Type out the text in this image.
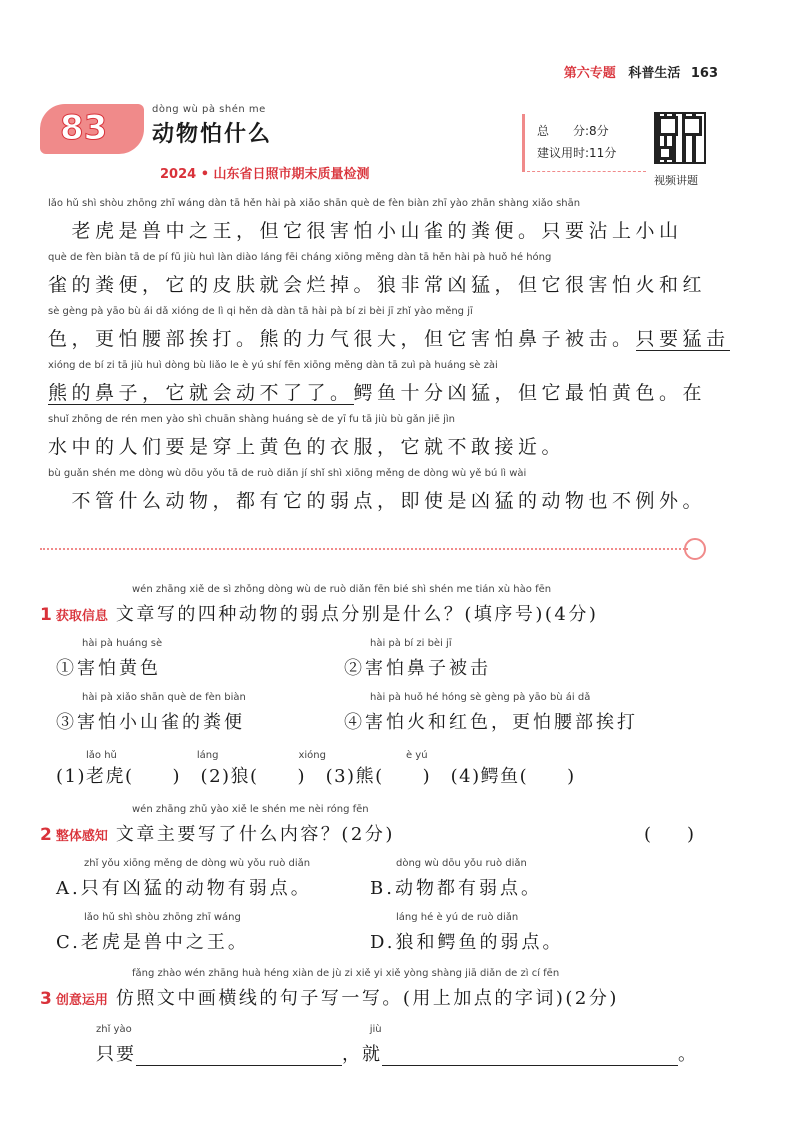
第六专题 科普生活 163
83	dòng wù pà shén me
动物怕什么
2024 • 山东省日照市期末质量检测
总　　分:8分
建议用时:11分
视频讲题
lǎo hǔ shì shòu zhōng zhī wáng dàn tā hěn hài pà xiǎo shān què de fèn biàn zhī yào zhān shàng xiǎo shān
　老虎是兽中之王，但它很害怕小山雀的粪便。只要沾上小山
què de fèn biàn tā de pí fū jiù huì làn diào láng fēi cháng xiōng měng dàn tā hěn hài pà huǒ hé hóng
雀的粪便，它的皮肤就会烂掉。狼非常凶猛，但它很害怕火和红
sè gèng pà yāo bù ái dǎ xióng de lì qi hěn dà dàn tā hài pà bí zi bèi jī zhǐ yào měng jī
色，更怕腰部挨打。熊的力气很大，但它害怕鼻子被击。只要猛击
xióng de bí zi tā jiù huì dòng bù liǎo le è yú shí fēn xiōng měng dàn tā zuì pà huáng sè zài
熊的鼻子，它就会动不了了。鳄鱼十分凶猛，但它最怕黄色。在
shuǐ zhōng de rén men yào shì chuān shàng huáng sè de yī fu tā jiù bù gǎn jiē jìn
水中的人们要是穿上黄色的衣服，它就不敢接近。
bù guǎn shén me dòng wù dōu yǒu tā de ruò diǎn jí shǐ shì xiōng měng de dòng wù yě bú lì wài
　不管什么动物，都有它的弱点，即使是凶猛的动物也不例外。
wén zhāng xiě de sì zhǒng dòng wù de ruò diǎn fēn bié shì shén me tián xù hào fēn
1 获取信息 文章写的四种动物的弱点分别是什么？(填序号)(4分)
hài pà huáng sè
①害怕黄色
hài pà bí zi bèi jī
②害怕鼻子被击
hài pà xiǎo shān què de fèn biàn
③害怕小山雀的粪便
hài pà huǒ hé hóng sè gèng pà yāo bù ái dǎ
④害怕火和红色，更怕腰部挨打
lǎo hǔ　　　　　　　　láng　　　　　　　　xióng　　　　　　　　è yú
(1)老虎(　　)　(2)狼(　　)　(3)熊(　　)　(4)鳄鱼(　　)
wén zhāng zhǔ yào xiě le shén me nèi róng fēn
2 整体感知 文章主要写了什么内容？(2分)	(　　)
zhǐ yǒu xiōng měng de dòng wù yǒu ruò diǎn
A.只有凶猛的动物有弱点。
dòng wù dōu yǒu ruò diǎn
B.动物都有弱点。
lǎo hǔ shì shòu zhōng zhī wáng
C.老虎是兽中之王。
láng hé è yú de ruò diǎn
D.狼和鳄鱼的弱点。
fǎng zhào wén zhāng huà héng xiàn de jù zi xiě yi xiě yòng shàng jiā diǎn de zì cí fēn
3 创意运用 仿照文中画横线的句子写一写。(用上加点的字词)(2分)
zhǐ yào	jiù
只要	，就	。
